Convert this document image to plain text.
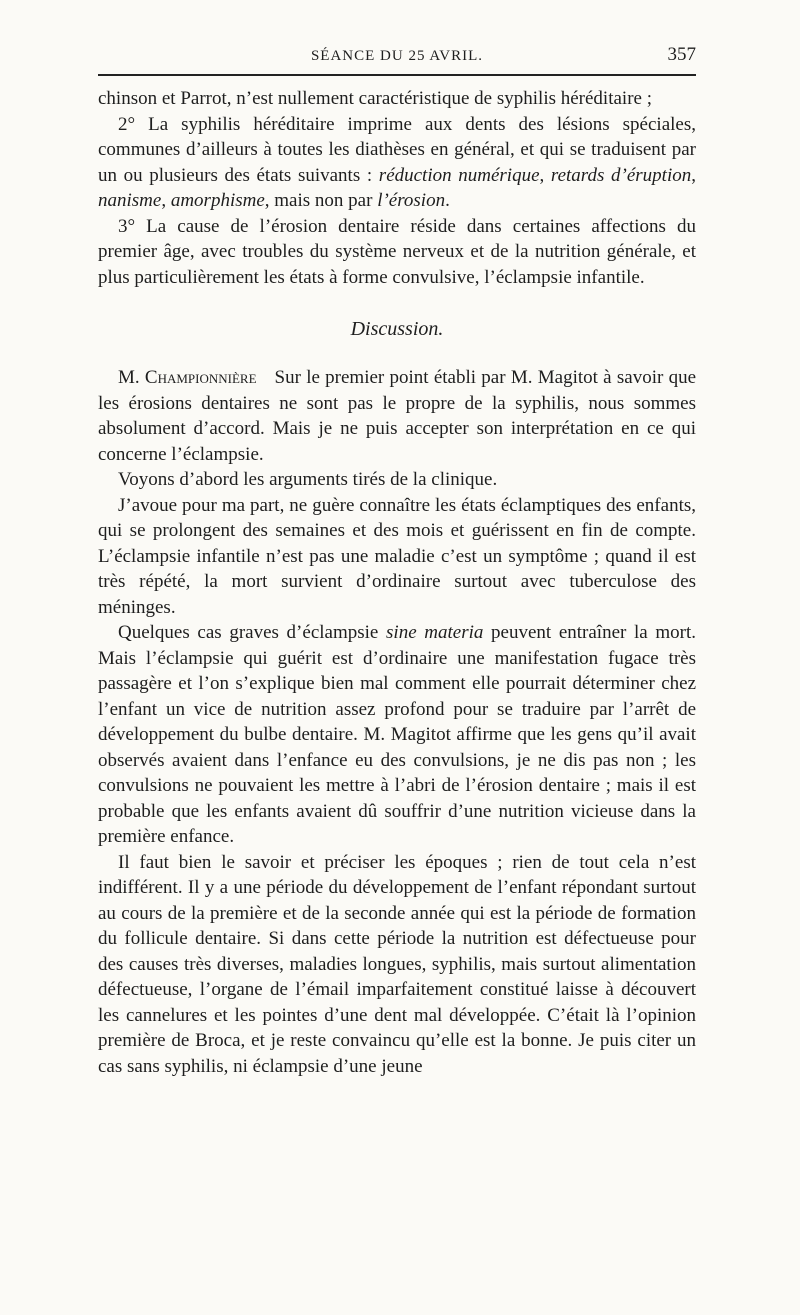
SÉANCE DU 25 AVRIL.	357

chinson et Parrot, n’est nullement caractéristique de syphilis héréditaire ;

2° La syphilis héréditaire imprime aux dents des lésions spéciales, communes d’ailleurs à toutes les diathèses en général, et qui se traduisent par un ou plusieurs des états suivants : réduction numérique, retards d’éruption, nanisme, amorphisme, mais non par l’érosion.

3° La cause de l’érosion dentaire réside dans certaines affections du premier âge, avec troubles du système nerveux et de la nutrition générale, et plus particulièrement les états à forme convulsive, l’éclampsie infantile.

Discussion.

M. Championnière Sur le premier point établi par M. Magitot à savoir que les érosions dentaires ne sont pas le propre de la syphilis, nous sommes absolument d’accord. Mais je ne puis accepter son interprétation en ce qui concerne l’éclampsie.

Voyons d’abord les arguments tirés de la clinique.

J’avoue pour ma part, ne guère connaître les états éclamptiques des enfants, qui se prolongent des semaines et des mois et guérissent en fin de compte. L’éclampsie infantile n’est pas une maladie c’est un symptôme ; quand il est très répété, la mort survient d’ordinaire surtout avec tuberculose des méninges.

Quelques cas graves d’éclampsie sine materia peuvent entraîner la mort. Mais l’éclampsie qui guérit est d’ordinaire une manifestation fugace très passagère et l’on s’explique bien mal comment elle pourrait déterminer chez l’enfant un vice de nutrition assez profond pour se traduire par l’arrêt de développement du bulbe dentaire. M. Magitot affirme que les gens qu’il avait observés avaient dans l’enfance eu des convulsions, je ne dis pas non ; les convulsions ne pouvaient les mettre à l’abri de l’érosion dentaire ; mais il est probable que les enfants avaient dû souffrir d’une nutrition vicieuse dans la première enfance.

Il faut bien le savoir et préciser les époques ; rien de tout cela n’est indifférent. Il y a une période du développement de l’enfant répondant surtout au cours de la première et de la seconde année qui est la période de formation du follicule dentaire. Si dans cette période la nutrition est défectueuse pour des causes très diverses, maladies longues, syphilis, mais surtout alimentation défectueuse, l’organe de l’émail imparfaitement constitué laisse à découvert les cannelures et les pointes d’une dent mal développée. C’était là l’opinion première de Broca, et je reste convaincu qu’elle est la bonne. Je puis citer un cas sans syphilis, ni éclampsie d’une jeune
